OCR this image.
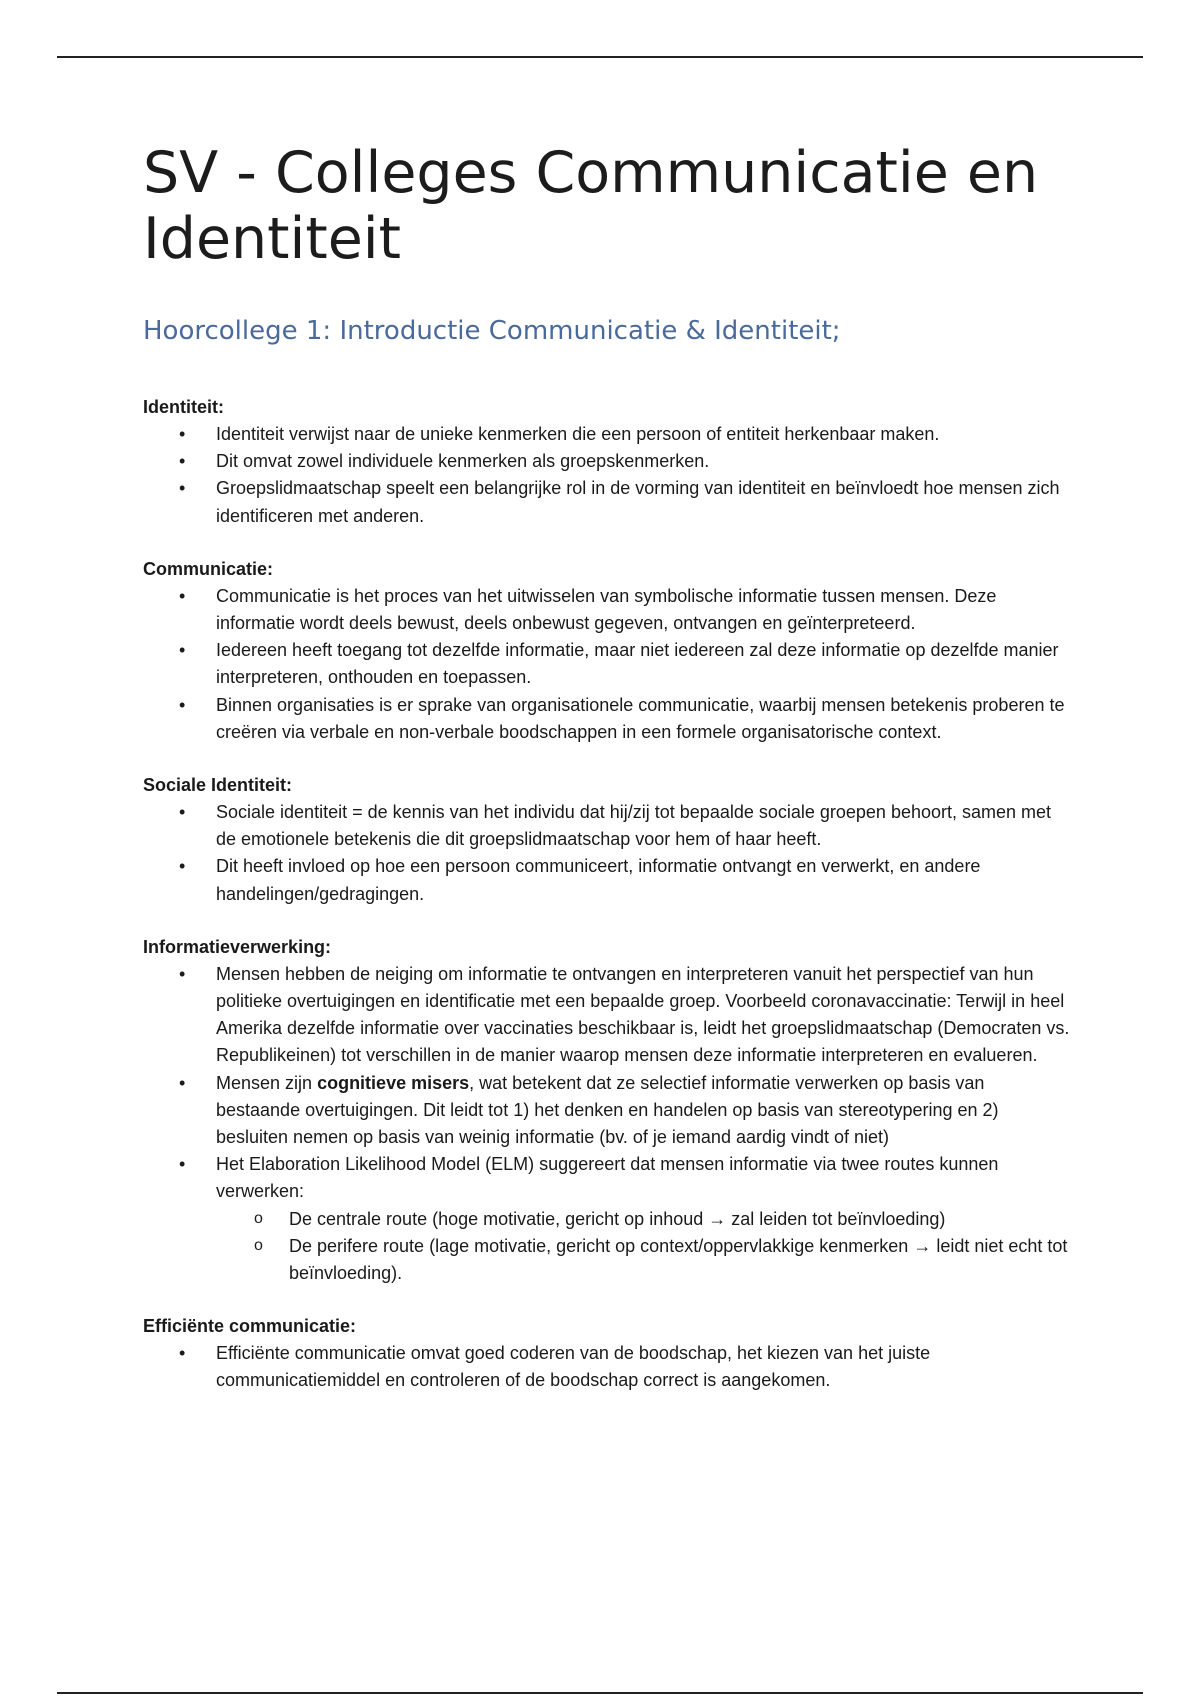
SV - Colleges Communicatie en Identiteit
Hoorcollege 1: Introductie Communicatie & Identiteit;

Identiteit:

• Identiteit verwijst naar de unieke kenmerken die een persoon of entiteit herkenbaar maken.
• Dit omvat zowel individuele kenmerken als groepskenmerken.
• Groepslidmaatschap speelt een belangrijke rol in de vorming van identiteit en beïnvloedt hoe mensen zich identificeren met anderen.

Communicatie:

• Communicatie is het proces van het uitwisselen van symbolische informatie tussen mensen. Deze informatie wordt deels bewust, deels onbewust gegeven, ontvangen en geïnterpreteerd.
• Iedereen heeft toegang tot dezelfde informatie, maar niet iedereen zal deze informatie op dezelfde manier interpreteren, onthouden en toepassen.
• Binnen organisaties is er sprake van organisationele communicatie, waarbij mensen betekenis proberen te creëren via verbale en non-verbale boodschappen in een formele organisatorische context.

Sociale Identiteit:

• Sociale identiteit = de kennis van het individu dat hij/zij tot bepaalde sociale groepen behoort, samen met de emotionele betekenis die dit groepslidmaatschap voor hem of haar heeft.
• Dit heeft invloed op hoe een persoon communiceert, informatie ontvangt en verwerkt, en andere handelingen/gedragingen.

Informatieverwerking:

• Mensen hebben de neiging om informatie te ontvangen en interpreteren vanuit het perspectief van hun politieke overtuigingen en identificatie met een bepaalde groep. Voorbeeld coronavaccinatie: Terwijl in heel Amerika dezelfde informatie over vaccinaties beschikbaar is, leidt het groepslidmaatschap (Democraten vs. Republikeinen) tot verschillen in de manier waarop mensen deze informatie interpreteren en evalueren.
• Mensen zijn cognitieve misers, wat betekent dat ze selectief informatie verwerken op basis van bestaande overtuigingen. Dit leidt tot 1) het denken en handelen op basis van stereotypering en 2) besluiten nemen op basis van weinig informatie (bv. of je iemand aardig vindt of niet)
• Het Elaboration Likelihood Model (ELM) suggereert dat mensen informatie via twee routes kunnen verwerken:
o De centrale route (hoge motivatie, gericht op inhoud → zal leiden tot beïnvloeding)
o De perifere route (lage motivatie, gericht op context/oppervlakkige kenmerken → leidt niet echt tot beïnvloeding).

Efficiënte communicatie:

• Efficiënte communicatie omvat goed coderen van de boodschap, het kiezen van het juiste communicatiemiddel en controleren of de boodschap correct is aangekomen.
